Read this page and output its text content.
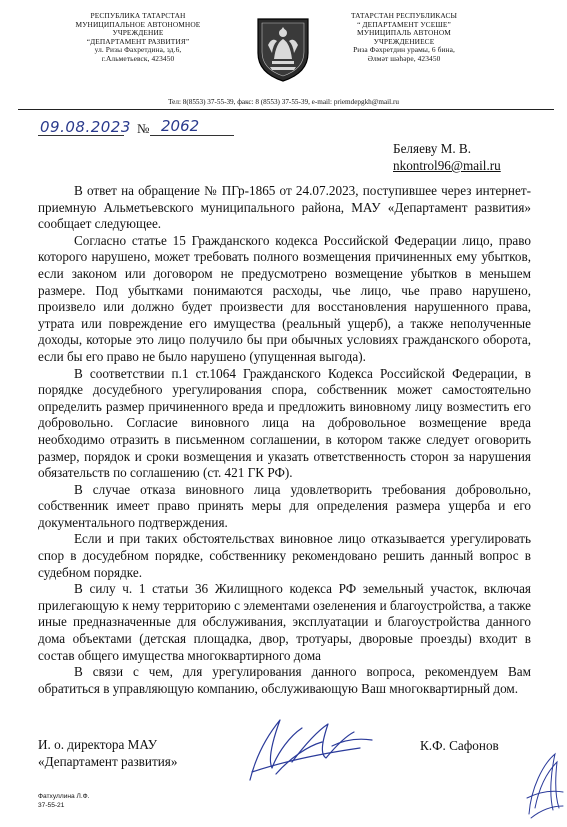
РЕСПУБЛИКА ТАТАРСТАН
МУНИЦИПАЛЬНОЕ АВТОНОМНОЕ
УЧРЕЖДЕНИЕ
“ДЕПАРТАМЕНТ РАЗВИТИЯ”
ул. Ризы Фахретдина, зд.6,
г.Альметьевск, 423450
ТАТАРСТАН РЕСПУБЛИКАСЫ
“ ДЕПАРТАМЕНТ УСЕШЕ”
МУНИЦИПАЛЬ АВТОНОМ
УЧРЕЖДЕНИЕСЕ
Риза Фәхретдин урамы, 6 бина,
Әлмәт шәһәре, 423450
Тел: 8(8553) 37-55-39, факс: 8 (8553) 37-55-39, e-mail: priemdepgkh@mail.ru
09.08.2023 № 2062
Беляеву М. В.
nkontrol96@mail.ru

В ответ на обращение № ПГр-1865 от 24.07.2023, поступившее через интернет-приемную Альметьевского муниципального района, МАУ «Департамент развития» сообщает следующее.

Согласно статье 15 Гражданского кодекса Российской Федерации лицо, право которого нарушено, может требовать полного возмещения причиненных ему убытков, если законом или договором не предусмотрено возмещение убытков в меньшем размере. Под убытками понимаются расходы, чье лицо, чье право нарушено, произвело или должно будет произвести для восстановления нарушенного права, утрата или повреждение его имущества (реальный ущерб), а также неполученные доходы, которые это лицо получило бы при обычных условиях гражданского оборота, если бы его право не было нарушено (упущенная выгода).

В соответствии п.1 ст.1064 Гражданского Кодекса Российской Федерации, в порядке досудебного урегулирования спора, собственник может самостоятельно определить размер причиненного вреда и предложить виновному лицу возместить его добровольно. Согласие виновного лица на добровольное возмещение вреда необходимо отразить в письменном соглашении, в котором также следует оговорить размер, порядок и сроки возмещения и указать ответственность сторон за нарушения обязательств по соглашению (ст. 421 ГК РФ).

В случае отказа виновного лица удовлетворить требования добровольно, собственник имеет право принять меры для определения размера ущерба и его документального подтверждения.

Если и при таких обстоятельствах виновное лицо отказывается урегулировать спор в досудебном порядке, собственнику рекомендовано решить данный вопрос в судебном порядке.

В силу ч. 1 статьи 36 Жилищного кодекса РФ земельный участок, включая прилегающую к нему территорию с элементами озеленения и благоустройства, а также иные предназначенные для обслуживания, эксплуатации и благоустройства данного дома объектами (детская площадка, двор, тротуары, дворовые проезды) входит в состав общего имущества многоквартирного дома

В связи с чем, для урегулирования данного вопроса, рекомендуем Вам обратиться в управляющую компанию, обслуживающую Ваш многоквартирный дом.

И. о. директора МАУ
«Департамент развития»
К.Ф. Сафонов
Фатхуллина Л.Ф.
37-55-21
